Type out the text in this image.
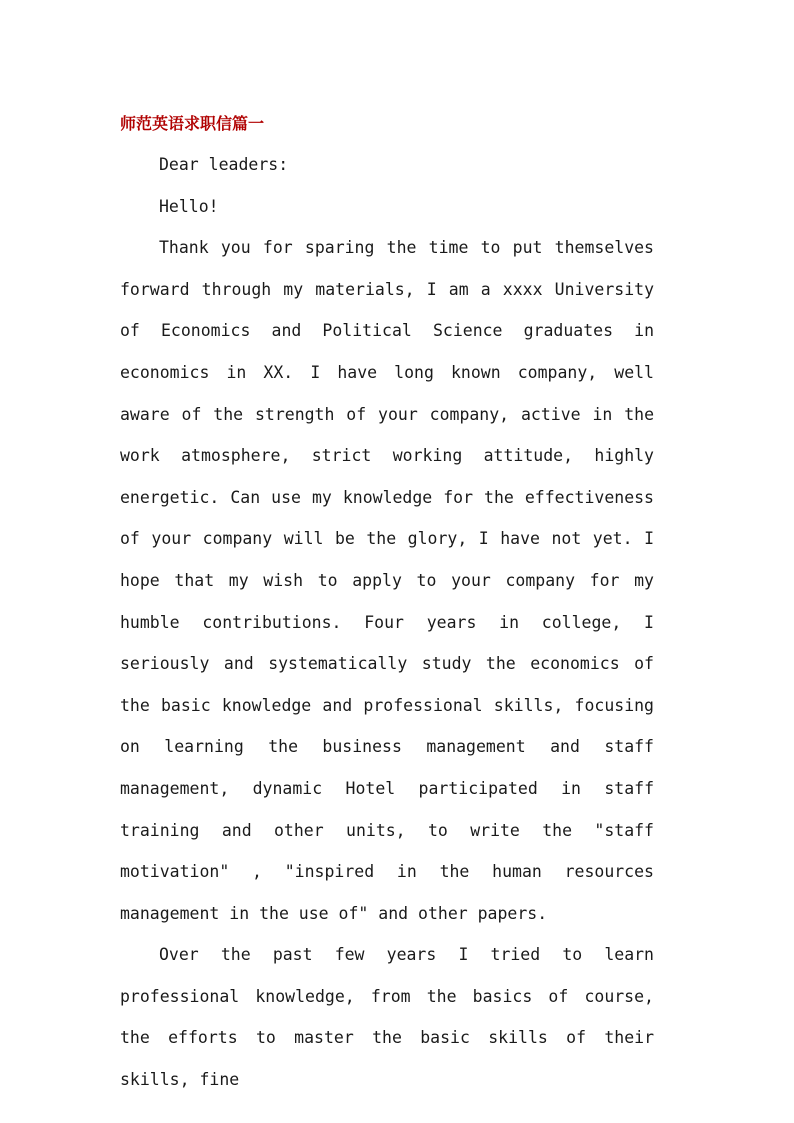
师范英语求职信篇一

Dear leaders:

Hello!

Thank you for sparing the time to put themselves forward through my materials, I am a xxxx University of Economics and Political Science graduates in economics in XX. I have long known company, well aware of the strength of your company, active in the work atmosphere, strict working attitude, highly energetic. Can use my knowledge for the effectiveness of your company will be the glory, I have not yet. I hope that my wish to apply to your company for my humble contributions. Four years in college, I seriously and systematically study the economics of the basic knowledge and professional skills, focusing on learning the business management and staff management, dynamic Hotel participated in staff training and other units, to write the "staff motivation" , "inspired in the human resources management in the use of" and other papers.

Over the past few years I tried to learn professional knowledge, from the basics of course, the efforts to master the basic skills of their skills, fine
